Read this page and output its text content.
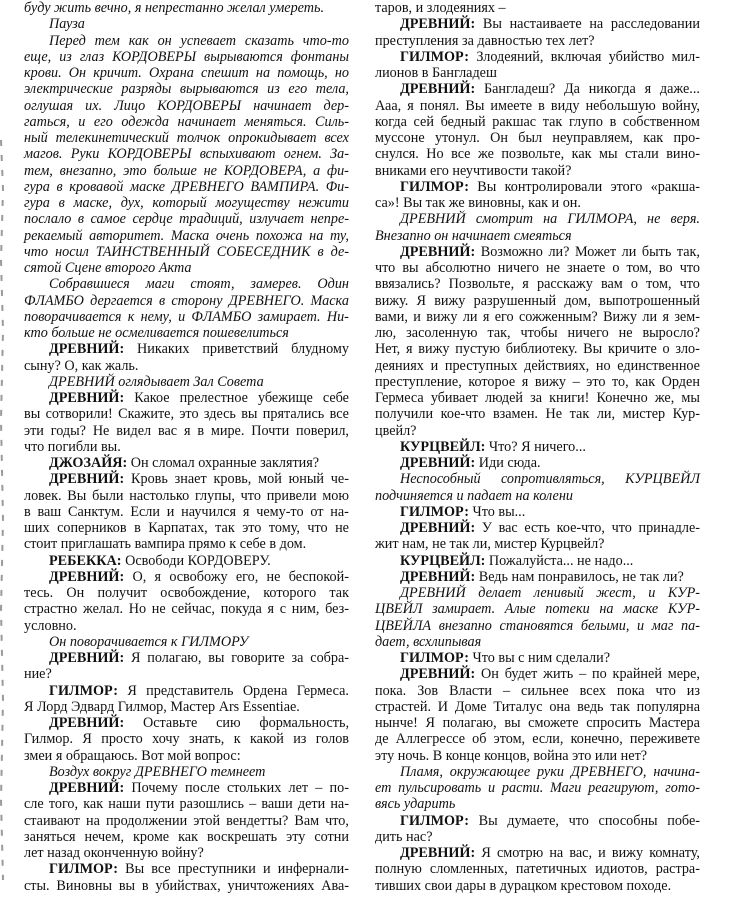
буду жить вечно, я непрестанно желал умереть.
Пауза
Перед тем как он успевает сказать что-то
еще, из глаз КОРДОВЕРЫ вырываются фонтаны
крови. Он кричит. Охрана спешит на помощь, но
электрические разряды вырываются из его тела,
оглушая их. Лицо КОРДОВЕРЫ начинает дер-
гаться, и его одежда начинает меняться. Силь-
ный телекинетический толчок опрокидывает всех
магов. Руки КОРДОВЕРЫ вспыхивают огнем. За-
тем, внезапно, это больше не КОРДОВЕРА, а фи-
гура в кровавой маске ДРЕВНЕГО ВАМПИРА. Фи-
гура в маске, дух, который могуществу нежити
послало в самое сердце традиций, излучает непре-
рекаемый авторитет. Маска очень похожа на ту,
что носил ТАИНСТВЕННЫЙ СОБЕСЕДНИК в де-
сятой Сцене второго Акта
Собравшиеся маги стоят, замерев. Один
ФЛАМБО дергается в сторону ДРЕВНЕГО. Маска
поворачивается к нему, и ФЛАМБО замирает. Ни-
кто больше не осмеливается пошевелиться
ДРЕВНИЙ: Никаких приветствий блудному
сыну? О, как жаль.
ДРЕВНИЙ оглядывает Зал Совета
ДРЕВНИЙ: Какое прелестное убежище себе
вы сотворили! Скажите, это здесь вы прятались все
эти годы? Не видел вас я в мире. Почти поверил,
что погибли вы.
ДЖОЗАЙЯ: Он сломал охранные заклятия?
ДРЕВНИЙ: Кровь знает кровь, мой юный че-
ловек. Вы были настолько глупы, что привели мою
в ваш Санктум. Если и научился я чему-то от на-
ших соперников в Карпатах, так это тому, что не
стоит приглашать вампира прямо к себе в дом.
РЕБЕККА: Освободи КОРДОВЕРУ.
ДРЕВНИЙ: О, я освобожу его, не беспокой-
тесь. Он получит освобождение, которого так
страстно желал. Но не сейчас, покуда я с ним, без-
условно.
Он поворачивается к ГИЛМОРУ
ДРЕВНИЙ: Я полагаю, вы говорите за собра-
ние?
ГИЛМОР: Я представитель Ордена Гермеса.
Я Лорд Эдвард Гилмор, Мастер Ars Essentiae.
ДРЕВНИЙ: Оставьте сию формальность,
Гилмор. Я просто хочу знать, к какой из голов
змеи я обращаюсь. Вот мой вопрос:
Воздух вокруг ДРЕВНЕГО темнеет
ДРЕВНИЙ: Почему после стольких лет – по-
сле того, как наши пути разошлись – ваши дети на-
стаивают на продолжении этой вендетты? Вам что,
заняться нечем, кроме как воскрешать эту сотни
лет назад оконченную войну?
ГИЛМОР: Вы все преступники и инфернали-
сты. Виновны вы в убийствах, уничтожениях Ава-
таров, и злодеяниях –
ДРЕВНИЙ: Вы настаиваете на расследовании
преступления за давностью тех лет?
ГИЛМОР: Злодеяний, включая убийство мил-
лионов в Бангладеш
ДРЕВНИЙ: Бангладеш? Да никогда я даже...
Ааа, я понял. Вы имеете в виду небольшую войну,
когда сей бедный ракшас так глупо в собственном
муссоне утонул. Он был неуправляем, как про-
снулся. Но все же позвольте, как мы стали вино-
вниками его неучтивости такой?
ГИЛМОР: Вы контролировали этого «ракша-
са»! Вы так же виновны, как и он.
ДРЕВНИЙ смотрит на ГИЛМОРА, не веря.
Внезапно он начинает смеяться
ДРЕВНИЙ: Возможно ли? Может ли быть так,
что вы абсолютно ничего не знаете о том, во что
ввязались? Позвольте, я расскажу вам о том, что
вижу. Я вижу разрушенный дом, выпотрошенный
вами, и вижу ли я его сожженным? Вижу ли я зем-
лю, засоленную так, чтобы ничего не выросло?
Нет, я вижу пустую библиотеку. Вы кричите о зло-
деяниях и преступных действиях, но единственное
преступление, которое я вижу – это то, как Орден
Гермеса убивает людей за книги! Конечно же, мы
получили кое-что взамен. Не так ли, мистер Кур-
цвейл?
КУРЦВЕЙЛ: Что? Я ничего...
ДРЕВНИЙ: Иди сюда.
Неспособный сопротивляться, КУРЦВЕЙЛ
подчиняется и падает на колени
ГИЛМОР: Что вы...
ДРЕВНИЙ: У вас есть кое-что, что принадле-
жит нам, не так ли, мистер Курцвейл?
КУРЦВЕЙЛ: Пожалуйста... не надо...
ДРЕВНИЙ: Ведь нам понравилось, не так ли?
ДРЕВНИЙ делает ленивый жест, и КУР-
ЦВЕЙЛ замирает. Алые потеки на маске КУР-
ЦВЕЙЛА внезапно становятся белыми, и маг па-
дает, всхлипывая
ГИЛМОР: Что вы с ним сделали?
ДРЕВНИЙ: Он будет жить – по крайней мере,
пока. Зов Власти – сильнее всех пока что из
страстей. И Доме Титалус она ведь так популярна
нынче! Я полагаю, вы сможете спросить Мастера
де Аллегрессе об этом, если, конечно, переживете
эту ночь. В конце концов, война это или нет?
Пламя, окружающее руки ДРЕВНЕГО, начина-
ет пульсировать и расти. Маги реагируют, гото-
вясь ударить
ГИЛМОР: Вы думаете, что способны побе-
дить нас?
ДРЕВНИЙ: Я смотрю на вас, и вижу комнату,
полную сломленных, патетичных идиотов, растра-
тивших свои дары в дурацком крестовом походе.
